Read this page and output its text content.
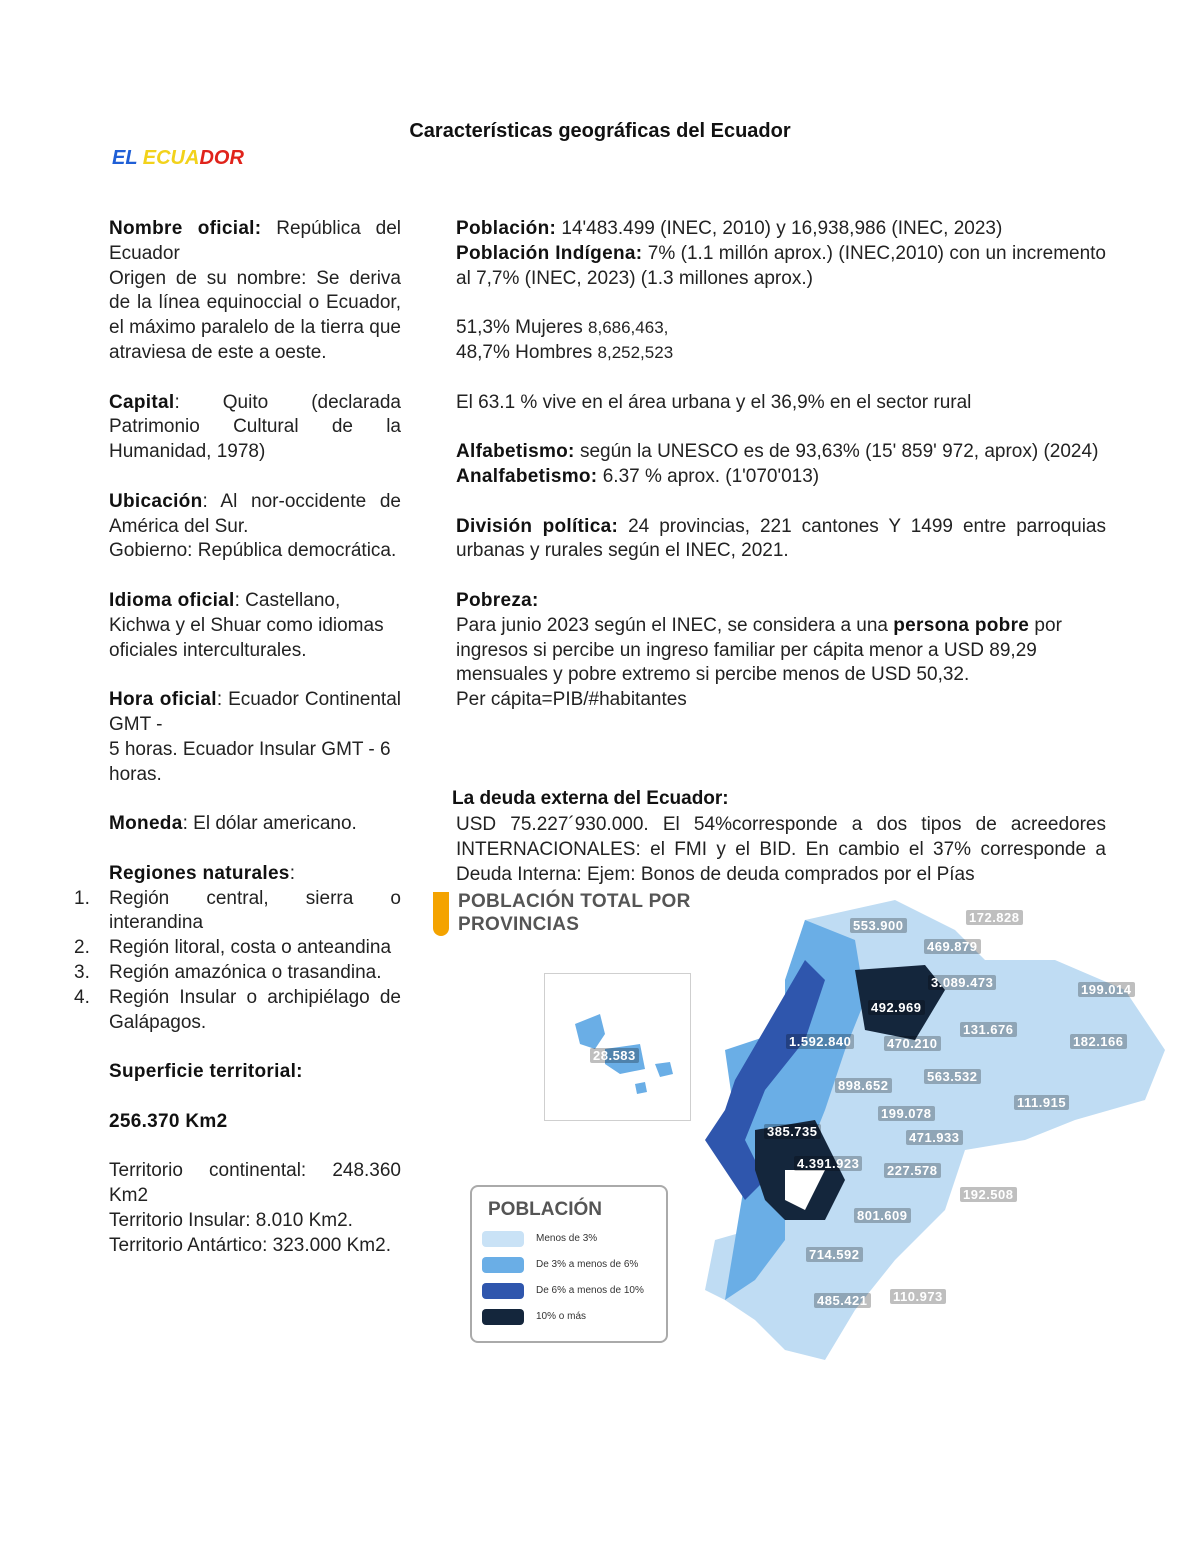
Características geográficas del Ecuador
EL ECUADOR

Nombre oficial: República del Ecuador

Origen de su nombre: Se deriva de la línea equinoccial o Ecuador, el máximo paralelo de la tierra que atraviesa de este a oeste.

Capital: Quito (declarada Patrimonio Cultural de la Humanidad, 1978)

Ubicación: Al nor-occidente de América del Sur.

Gobierno: República democrática.

Idioma oficial: Castellano, Kichwa y el Shuar como idiomas oficiales interculturales.

Hora oficial: Ecuador Continental GMT -

5 horas. Ecuador Insular GMT - 6 horas.

Moneda: El dólar americano.

Regiones naturales:

1. Región central, sierra o interandina
2. Región litoral, costa o anteandina
3. Región amazónica o trasandina.
4. Región Insular o archipiélago de Galápagos.

Superficie territorial:

256.370 Km2

Territorio continental: 248.360 Km2

Territorio Insular: 8.010 Km2.

Territorio Antártico: 323.000 Km2.

Población: 14'483.499 (INEC, 2010) y 16,938,986 (INEC, 2023)

Población Indígena: 7% (1.1 millón aprox.) (INEC,2010) con un incremento al 7,7% (INEC, 2023) (1.3 millones aprox.)

51,3% Mujeres 8,686,463,

48,7% Hombres 8,252,523

El 63.1 % vive en el área urbana y el 36,9% en el sector rural

Alfabetismo: según la UNESCO es de 93,63% (15' 859' 972, aprox) (2024)

Analfabetismo: 6.37 % aprox. (1'070'013)

División política: 24 provincias, 221 cantones Y 1499 entre parroquias urbanas y rurales según el INEC, 2021.

Pobreza:

Para junio 2023 según el INEC, se considera a una persona pobre por ingresos si percibe un ingreso familiar per cápita menor a USD 89,29 mensuales y pobre extremo si percibe menos de USD 50,32.

Per cápita=PIB/#habitantes

La deuda externa del Ecuador:
USD 75.227´930.000. El 54%corresponde a dos tipos de acreedores INTERNACIONALES: el FMI y el BID. En cambio el 37% corresponde a Deuda Interna: Ejem: Bonos de deuda comprados por el Pías
POBLACIÓN TOTAL POR
PROVINCIAS	553.900
172.828
469.879
3.089.473	199.014
492.969
1.592.840	470.210
131.676
182.166
28.583
898.652
563.532
111.915
199.078
385.735	471.933
4.391.923 227.578
192.508
801.609
714.592
485.421 110.973
POBLACIÓN
Menos de 3%
De 3% a menos de 6%
De 6% a menos de 10%
10% o más
